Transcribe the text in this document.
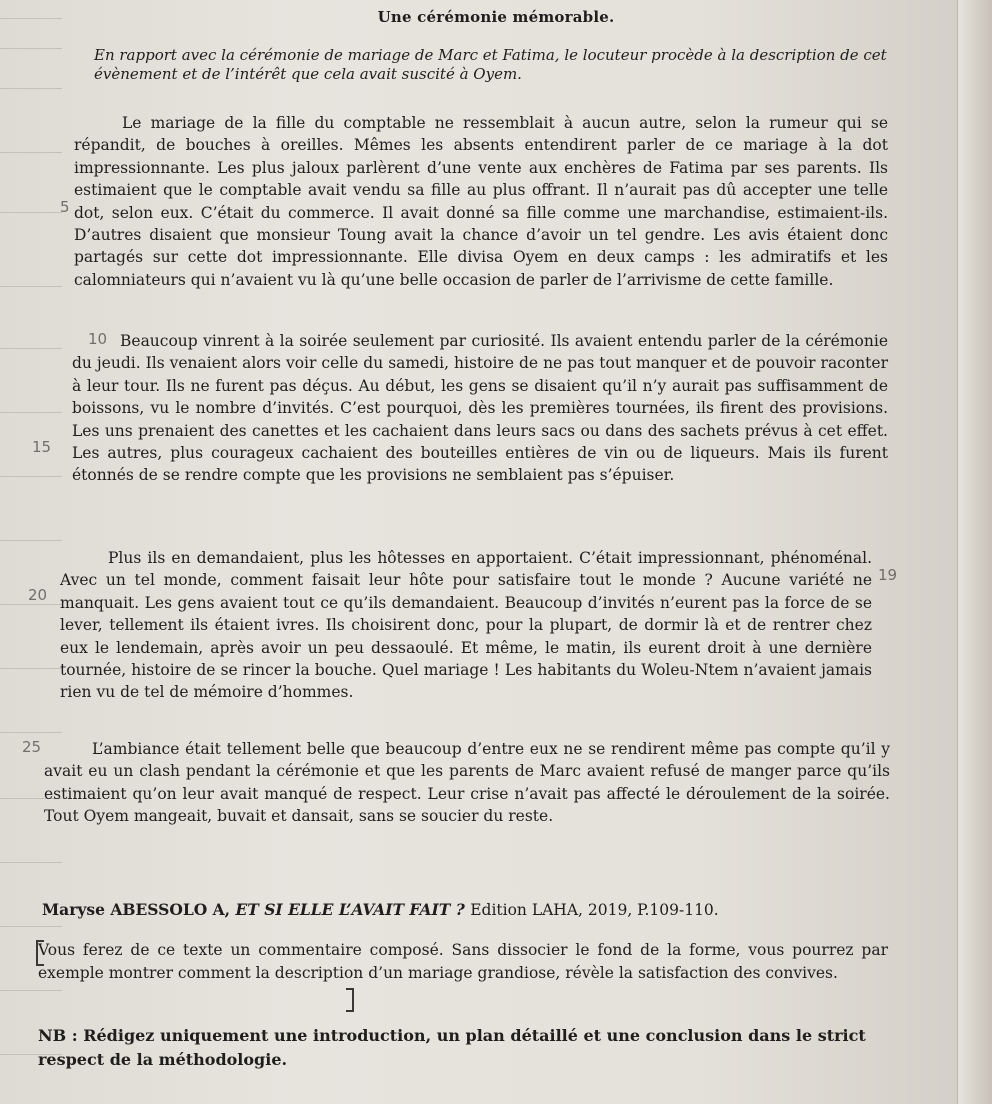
Une cérémonie mémorable.
En rapport avec la cérémonie de mariage de Marc et Fatima, le locuteur procède à la description de cet évènement et de l’intérêt que cela avait suscité à Oyem.
Le mariage de la fille du comptable ne ressemblait à aucun autre, selon la rumeur qui se répandit, de bouches à oreilles. Mêmes les absents entendirent parler de ce mariage à la dot impressionnante. Les plus jaloux parlèrent d’une vente aux enchères de Fatima par ses parents. Ils estimaient que le comptable avait vendu sa fille au plus offrant. Il n’aurait pas dû accepter une telle dot, selon eux. C’était du commerce. Il avait donné sa fille comme une marchandise, estimaient-ils. D’autres disaient que monsieur Toung avait la chance d’avoir un tel gendre. Les avis étaient donc partagés sur cette dot impressionnante. Elle divisa Oyem en deux camps : les admiratifs et les calomniateurs qui n’avaient vu là qu’une belle occasion de parler de l’arrivisme de cette famille.
Beaucoup vinrent à la soirée seulement par curiosité. Ils avaient entendu parler de la cérémonie du jeudi. Ils venaient alors voir celle du samedi, histoire de ne pas tout manquer et de pouvoir raconter à leur tour. Ils ne furent pas déçus. Au début, les gens se disaient qu’il n’y aurait pas suffisamment de boissons, vu le nombre d’invités. C’est pourquoi, dès les premières tournées, ils firent des provisions. Les uns prenaient des canettes et les cachaient dans leurs sacs ou dans des sachets prévus à cet effet. Les autres, plus courageux cachaient des bouteilles entières de vin ou de liqueurs. Mais ils furent étonnés de se rendre compte que les provisions ne semblaient pas s’épuiser.
Plus ils en demandaient, plus les hôtesses en apportaient. C’était impressionnant, phénoménal. Avec un tel monde, comment faisait leur hôte pour satisfaire tout le monde ? Aucune variété ne manquait. Les gens avaient tout ce qu’ils demandaient. Beaucoup d’invités n’eurent pas la force de se lever, tellement ils étaient ivres. Ils choisirent donc, pour la plupart, de dormir là et de rentrer chez eux le lendemain, après avoir un peu dessaoulé. Et même, le matin, ils eurent droit à une dernière tournée, histoire de se rincer la bouche. Quel mariage ! Les habitants du Woleu-Ntem n’avaient jamais rien vu de tel de mémoire d’hommes.
L’ambiance était tellement belle que beaucoup d’entre eux ne se rendirent même pas compte qu’il y avait eu un clash pendant la cérémonie et que les parents de Marc avaient refusé de manger parce qu’ils estimaient qu’on leur avait manqué de respect. Leur crise n’avait pas affecté le déroulement de la soirée. Tout Oyem mangeait, buvait et dansait, sans se soucier du reste.
5
10
15
19
20
25
Maryse ABESSOLO A, ET SI ELLE L’AVAIT FAIT ? Edition LAHA, 2019, P.109-110.
Vous ferez de ce texte un commentaire composé. Sans dissocier le fond de la forme, vous pourrez par exemple montrer comment la description d’un mariage grandiose, révèle la satisfaction des convives.
NB : Rédigez uniquement une introduction, un plan détaillé et une conclusion dans le strict respect de la méthodologie.
